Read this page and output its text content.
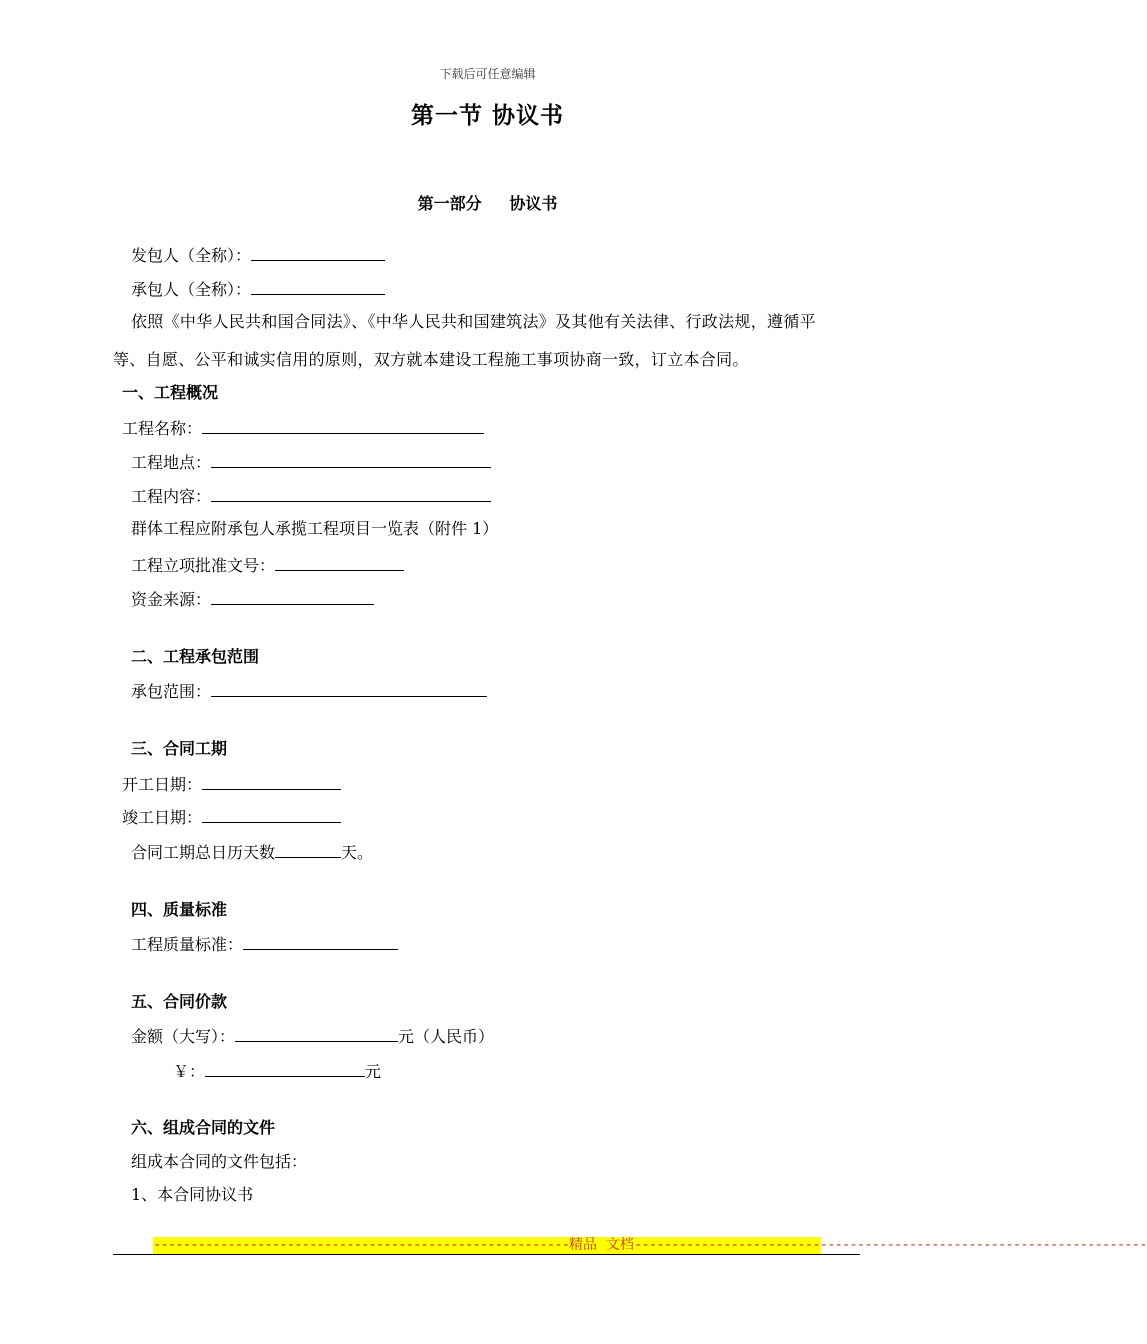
下载后可任意编辑
第一节 协议书
第一部分     协议书
发包人（全称）：
承包人（全称）：
依照《中华人民共和国合同法》、《中华人民共和国建筑法》及其他有关法律、行政法规，遵循平
等、自愿、公平和诚实信用的原则，双方就本建设工程施工事项协商一致，订立本合同。
一、工程概况
工程名称：
工程地点：
工程内容：
群体工程应附承包人承揽工程项目一览表（附件 1）
工程立项批准文号：
资金来源：
二、工程承包范围
承包范围：
三、合同工期
开工日期：
竣工日期：
合同工期总日历天数	天。
四、质量标准
工程质量标准：
五、合同价款
金额（大写）：	元（人民币）
￥：	元
六、组成合同的文件
组成本合同的文件包括：
1、本合同协议书
--------------------------------------------------------精品  文档---------------------------------------------------------------------
